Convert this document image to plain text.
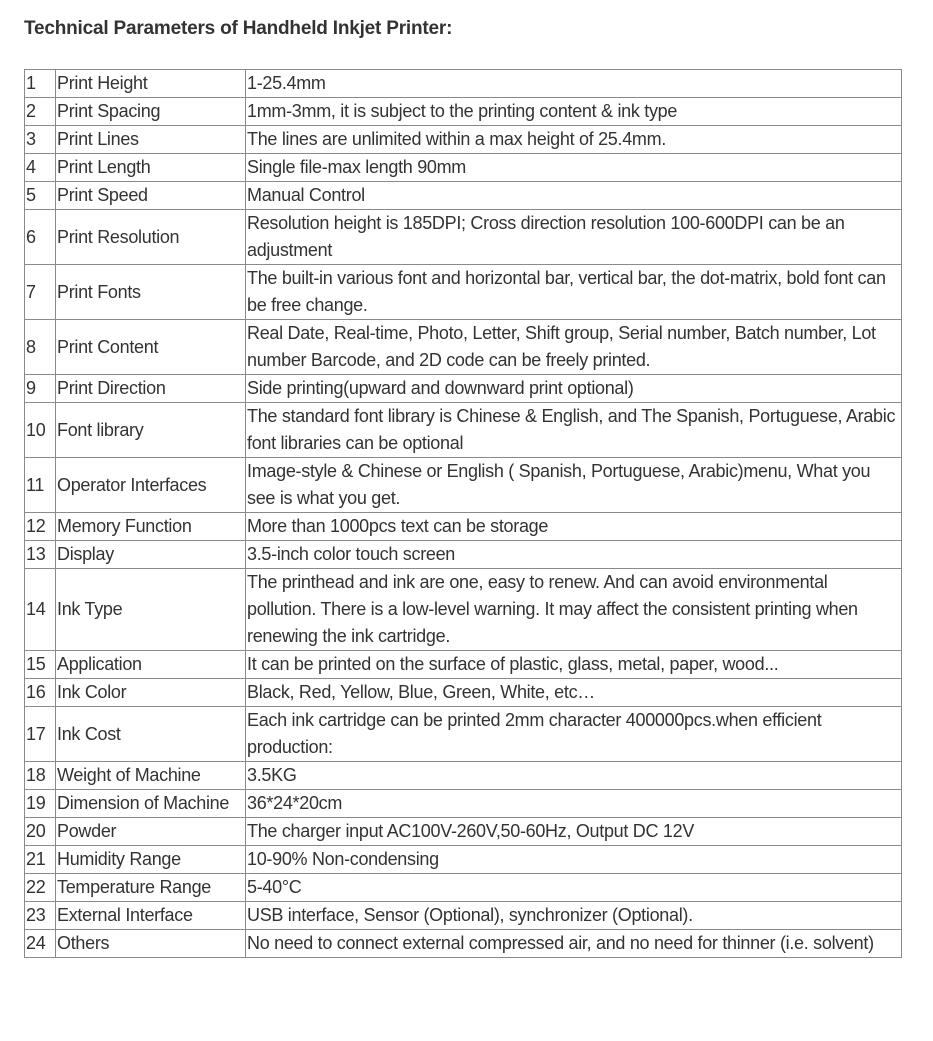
Technical Parameters of Handheld Inkjet Printer:
1	Print Height	1-25.4mm
2	Print Spacing	1mm-3mm, it is subject to the printing content & ink type
3	Print Lines	The lines are unlimited within a max height of 25.4mm.
4	Print Length	Single file-max length 90mm
5	Print Speed	Manual Control
6	Print Resolution	Resolution height is 185DPI; Cross direction resolution 100-600DPI can be an adjustment
7	Print Fonts	The built-in various font and horizontal bar, vertical bar, the dot-matrix, bold font can be free change.
8	Print Content	Real Date, Real-time, Photo, Letter, Shift group, Serial number, Batch number, Lot number Barcode, and 2D code can be freely printed.
9	Print Direction	Side printing(upward and downward print optional)
10	Font library	The standard font library is Chinese & English, and The Spanish, Portuguese, Arabic font libraries can be optional
11	Operator Interfaces	Image-style & Chinese or English ( Spanish, Portuguese, Arabic)menu, What you see is what you get.
12	Memory Function	More than 1000pcs text can be storage
13	Display	3.5-inch color touch screen
14	Ink Type	The printhead and ink are one, easy to renew. And can avoid environmental pollution. There is a low-level warning. It may affect the consistent printing when renewing the ink cartridge.
15	Application	It can be printed on the surface of plastic, glass, metal, paper, wood...
16	Ink Color	Black, Red, Yellow, Blue, Green, White, etc…
17	Ink Cost	Each ink cartridge can be printed 2mm character 400000pcs.when efficient production:
18	Weight of Machine	3.5KG
19	Dimension of Machine	36*24*20cm
20	Powder	The charger input AC100V-260V,50-60Hz, Output DC 12V
21	Humidity Range	10-90% Non-condensing
22	Temperature Range	5-40°C
23	External Interface	USB interface, Sensor (Optional), synchronizer (Optional).
24	Others	No need to connect external compressed air, and no need for thinner (i.e. solvent)
